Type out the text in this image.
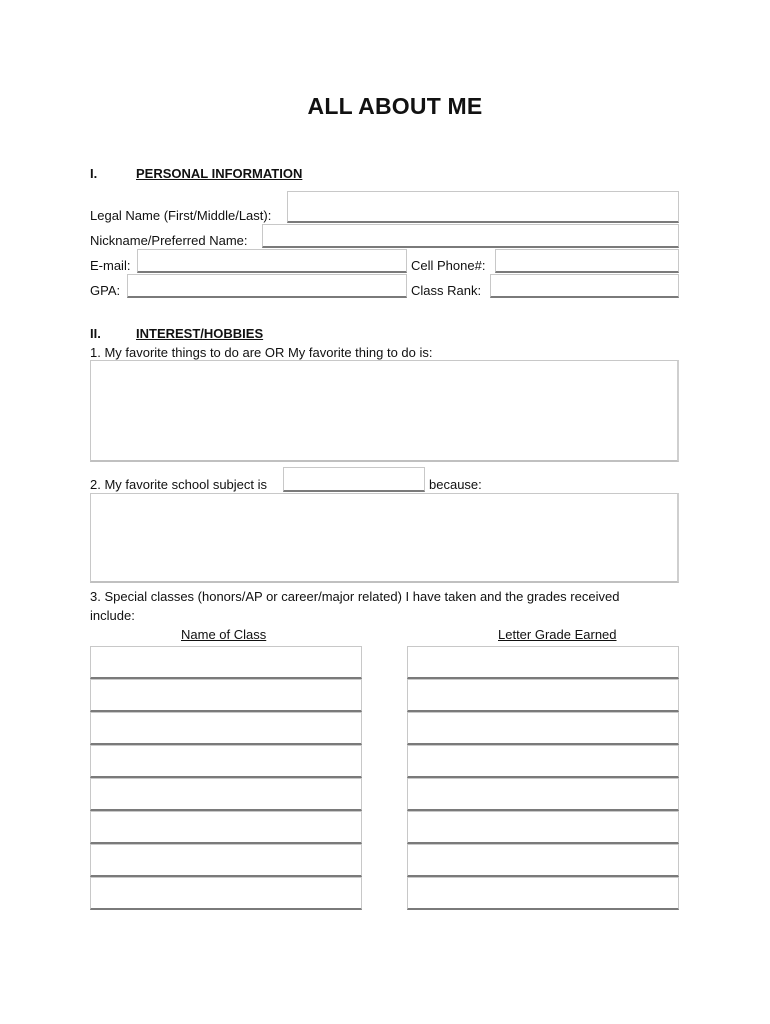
ALL ABOUT ME
I.	PERSONAL INFORMATION
Legal Name (First/Middle/Last):
Nickname/Preferred Name:
E-mail:	Cell Phone#:
GPA:	Class Rank:
II.	INTEREST/HOBBIES
1. My favorite things to do are OR My favorite thing to do is:
2. My favorite school subject is	because:
3. Special classes (honors/AP or career/major related) I have taken and the grades received
include:
Name of Class	Letter Grade Earned
